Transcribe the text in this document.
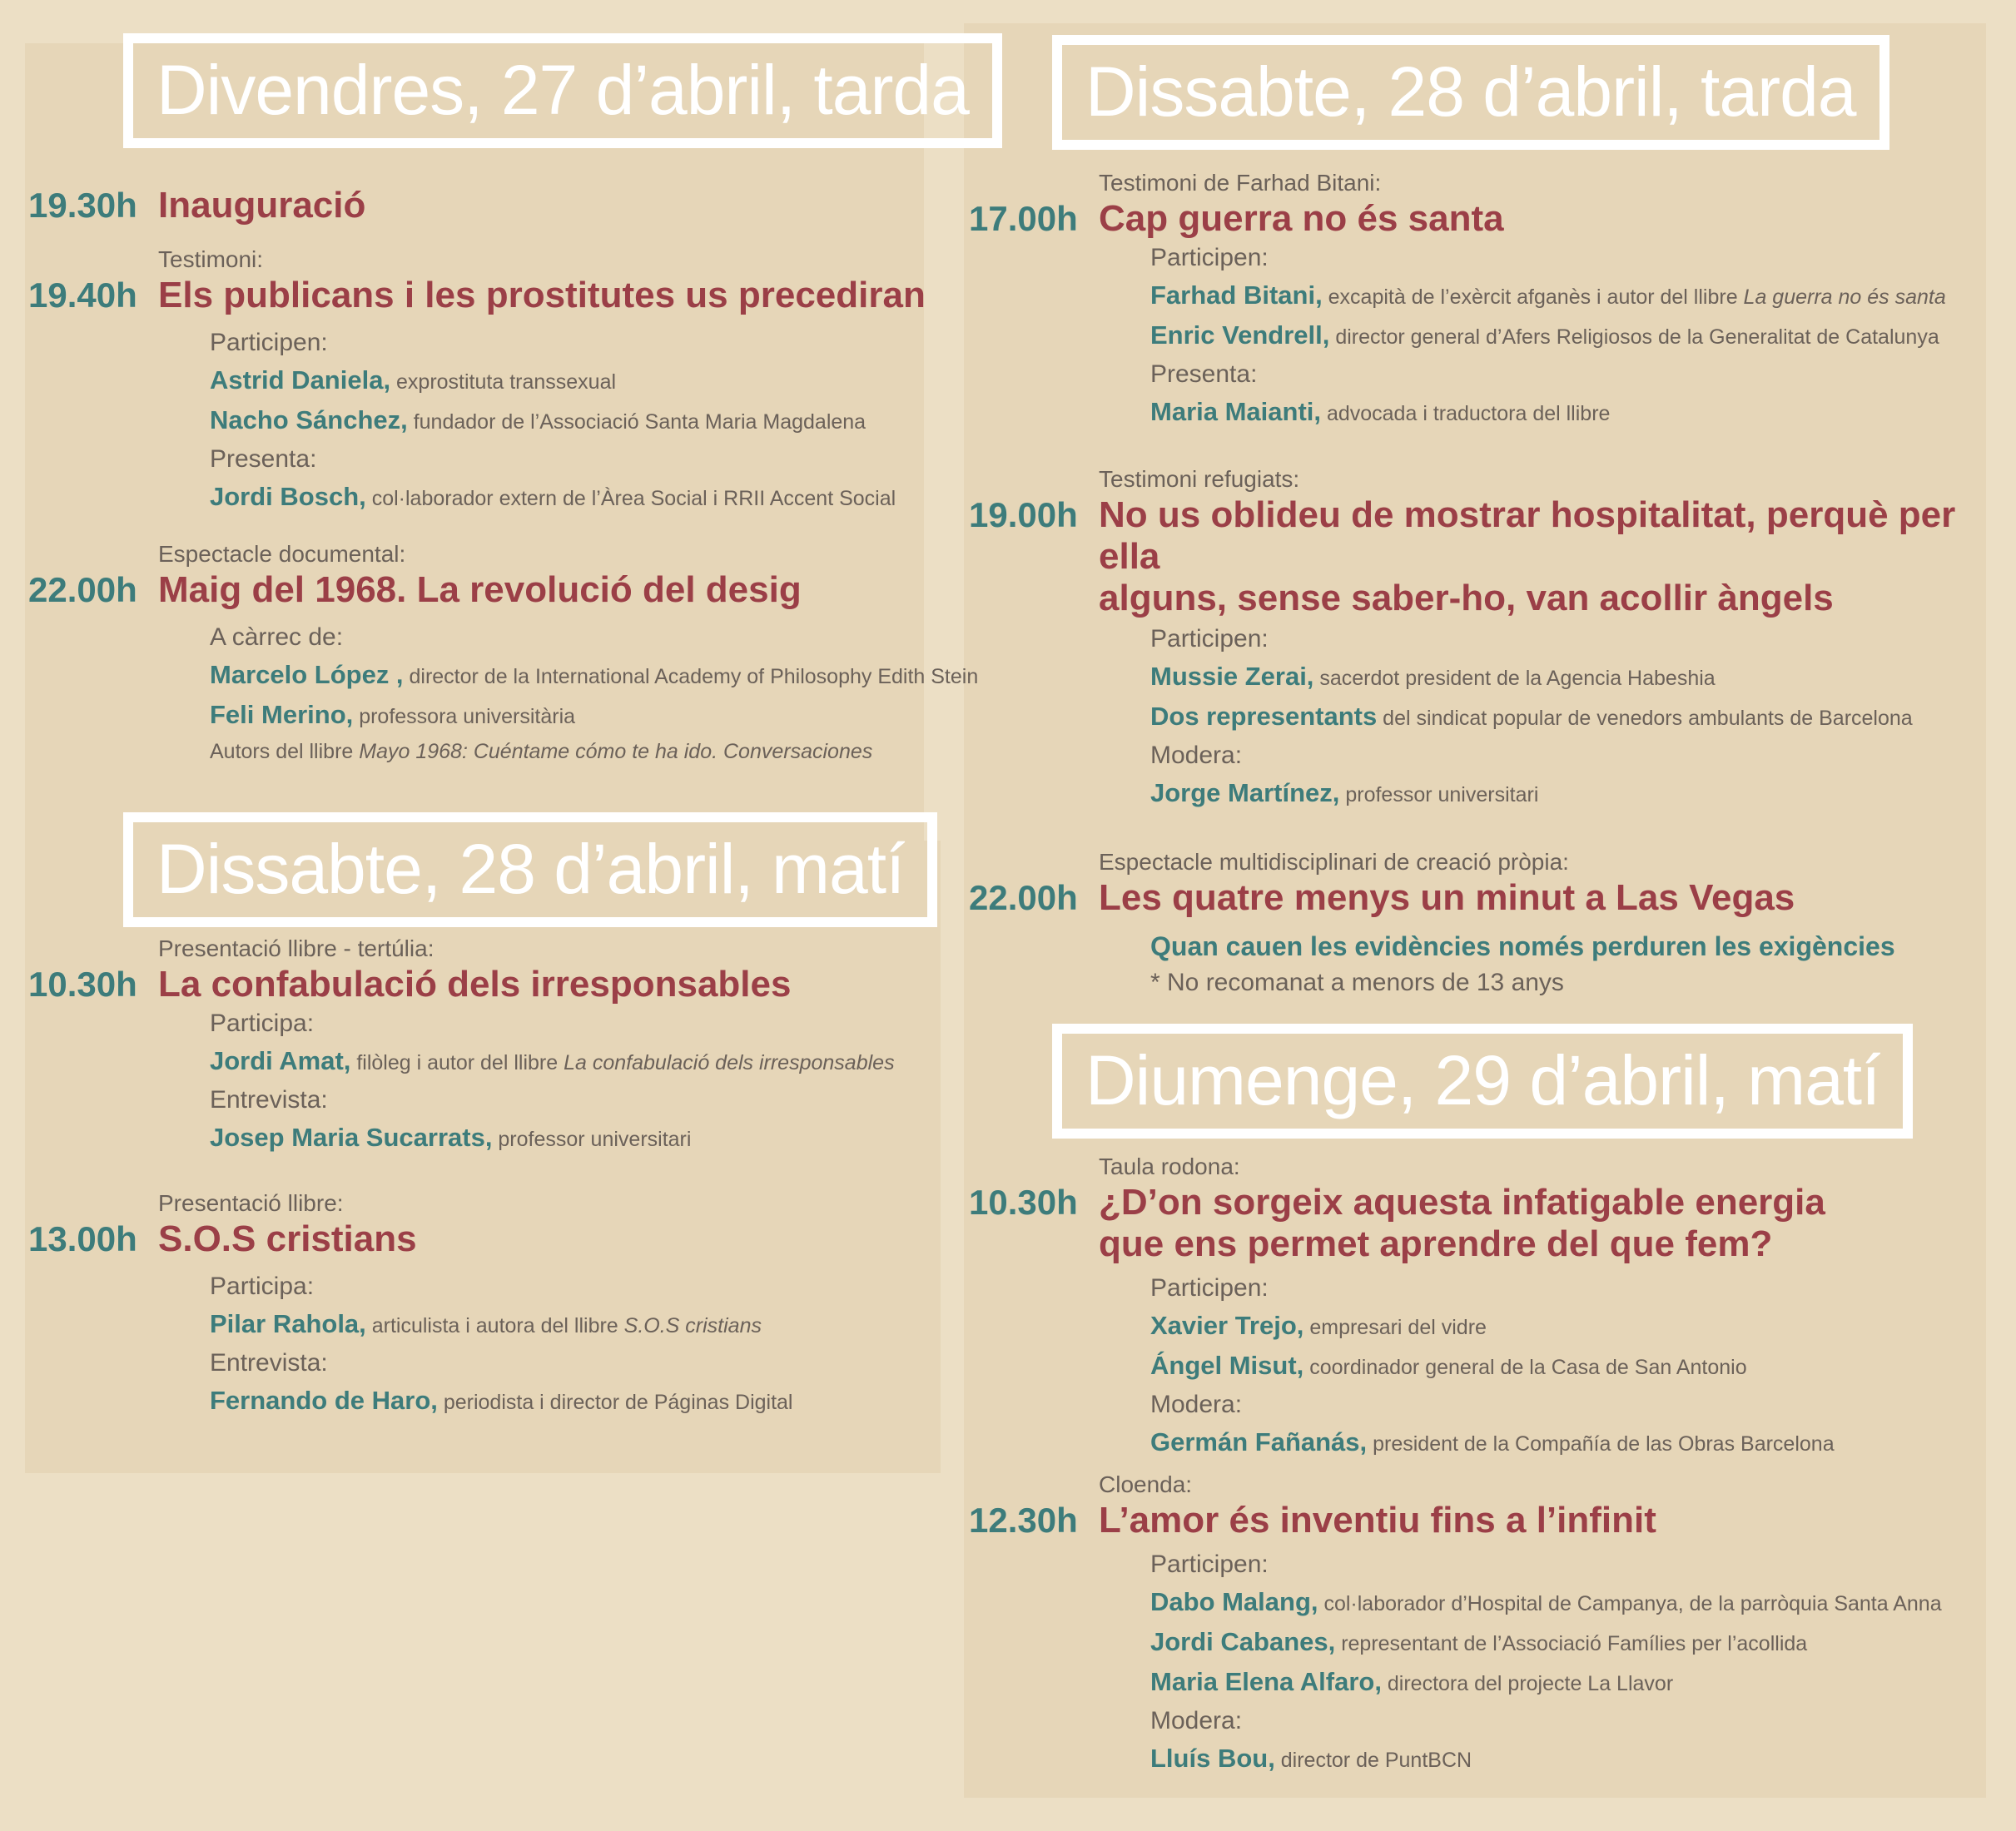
Divendres, 27 d’abril, tarda
19.30h Inauguració
Testimoni:
19.40h Els publicans i les prostitutes us precediran
Participen:
Astrid Daniela, exprostituta transsexual
Nacho Sánchez, fundador de l’Associació Santa Maria Magdalena
Presenta:
Jordi Bosch, col·laborador extern de l’Àrea Social i RRII Accent Social
Espectacle documental:
22.00h Maig del 1968. La revolució del desig
A càrrec de:
Marcelo López , director de la International Academy of Philosophy Edith Stein
Feli Merino, professora universitària
Autors del llibre Mayo 1968: Cuéntame cómo te ha ido. Conversaciones
Dissabte, 28 d’abril, matí
Presentació llibre - tertúlia:
10.30h La confabulació dels irresponsables
Participa:
Jordi Amat, filòleg i autor del llibre La confabulació dels irresponsables
Entrevista:
Josep Maria Sucarrats, professor universitari
Presentació llibre:
13.00h S.O.S cristians
Participa:
Pilar Rahola, articulista i autora del llibre S.O.S cristians
Entrevista:
Fernando de Haro, periodista i director de Páginas Digital
Dissabte, 28 d’abril, tarda
Testimoni de Farhad Bitani:
17.00h Cap guerra no és santa
Participen:
Farhad Bitani, excapità de l’exèrcit afganès i autor del llibre La guerra no és santa
Enric Vendrell, director general d’Afers Religiosos de la Generalitat de Catalunya
Presenta:
Maria Maianti, advocada i traductora del llibre
Testimoni refugiats:
19.00h No us oblideu de mostrar hospitalitat, perquè per ella
alguns, sense saber-ho, van acollir àngels
Participen:
Mussie Zerai, sacerdot president de la Agencia Habeshia
Dos representants del sindicat popular de venedors ambulants de Barcelona
Modera:
Jorge Martínez, professor universitari
Espectacle multidisciplinari de creació pròpia:
22.00h Les quatre menys un minut a Las Vegas
Quan cauen les evidències només perduren les exigències
* No recomanat a menors de 13 anys
Diumenge, 29 d’abril, matí
Taula rodona:
10.30h ¿D’on sorgeix aquesta infatigable energia
que ens permet aprendre del que fem?
Participen:
Xavier Trejo, empresari del vidre
Ángel Misut, coordinador general de la Casa de San Antonio
Modera:
Germán Fañanás, president de la Compañía de las Obras Barcelona
Cloenda:
12.30h L’amor és inventiu fins a l’infinit
Participen:
Dabo Malang, col·laborador d’Hospital de Campanya, de la parròquia Santa Anna
Jordi Cabanes, representant de l’Associació Famílies per l’acollida
Maria Elena Alfaro, directora del projecte La Llavor
Modera:
Lluís Bou, director de PuntBCN
